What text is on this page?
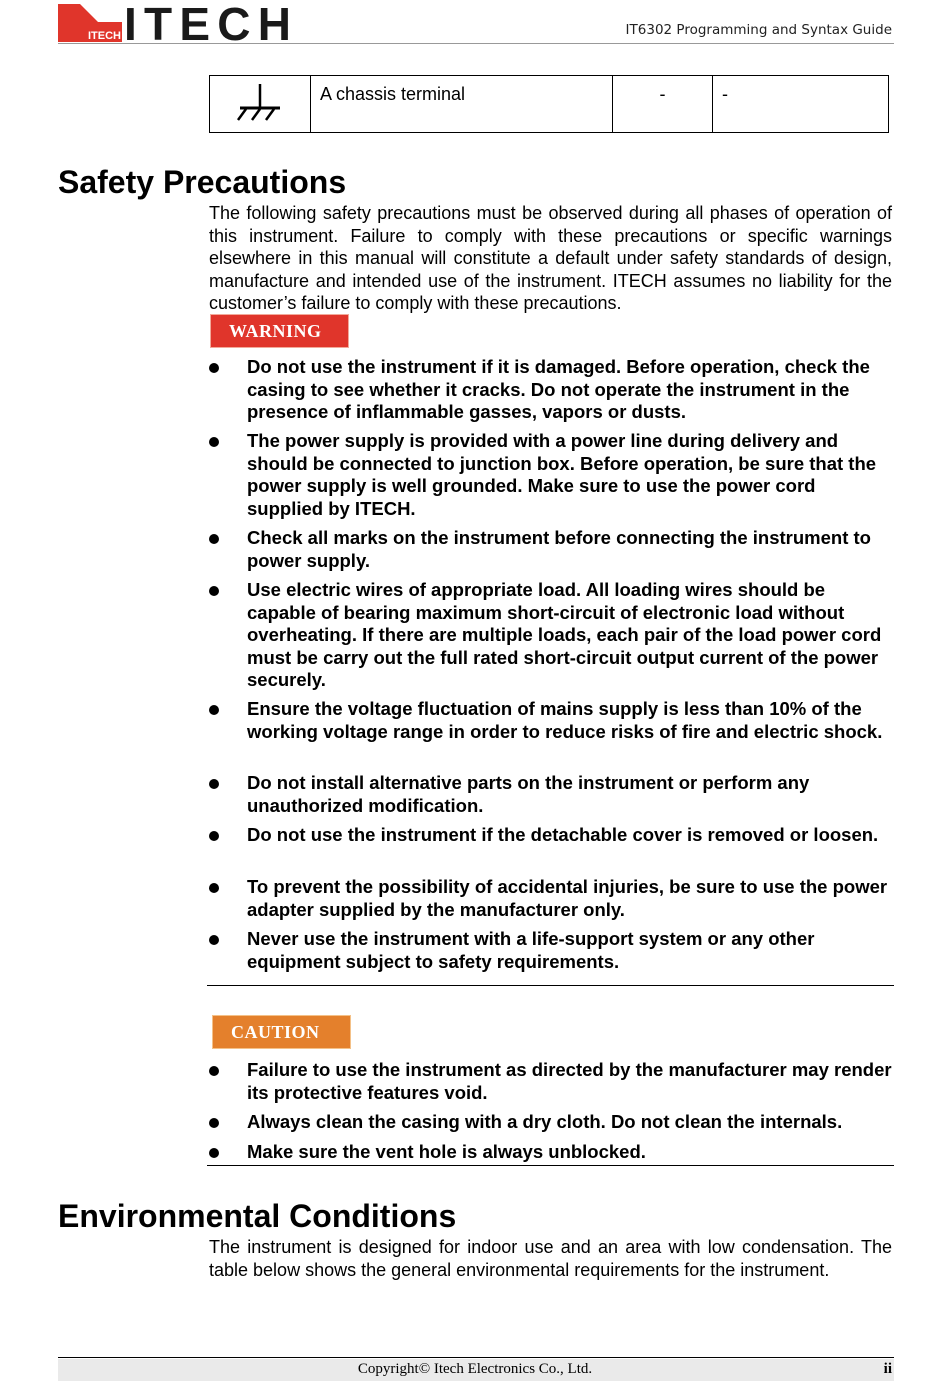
ITECH ITECH	IT6302 Programming and Syntax Guide
A chassis terminal	-	-
Safety Precautions
The following safety precautions must be observed during all phases of operation of this instrument. Failure to comply with these precautions or specific warnings elsewhere in this manual will constitute a default under safety standards of design, manufacture and intended use of the instrument. ITECH assumes no liability for the customer’s failure to comply with these precautions.
WARNING
Do not use the instrument if it is damaged. Before operation, check the casing to see whether it cracks. Do not operate the instrument in the presence of inflammable gasses, vapors or dusts.
The power supply is provided with a power line during delivery and should be connected to junction box. Before operation, be sure that the power supply is well grounded. Make sure to use the power cord supplied by ITECH.
Check all marks on the instrument before connecting the instrument to power supply.
Use electric wires of appropriate load. All loading wires should be capable of bearing maximum short-circuit of electronic load without overheating. If there are multiple loads, each pair of the load power cord must be carry out the full rated short-circuit output current of the power securely.
Ensure the voltage fluctuation of mains supply is less than 10% of the working voltage range in order to reduce risks of fire and electric shock.
Do not install alternative parts on the instrument or perform any unauthorized modification.
Do not use the instrument if the detachable cover is removed or loosen.
To prevent the possibility of accidental injuries, be sure to use the power adapter supplied by the manufacturer only.
Never use the instrument with a life-support system or any other equipment subject to safety requirements.
CAUTION
Failure to use the instrument as directed by the manufacturer may render its protective features void.
Always clean the casing with a dry cloth. Do not clean the internals.
Make sure the vent hole is always unblocked.
Environmental Conditions
The instrument is designed for indoor use and an area with low condensation. The table below shows the general environmental requirements for the instrument.
Copyright© Itech Electronics Co., Ltd.	ii
